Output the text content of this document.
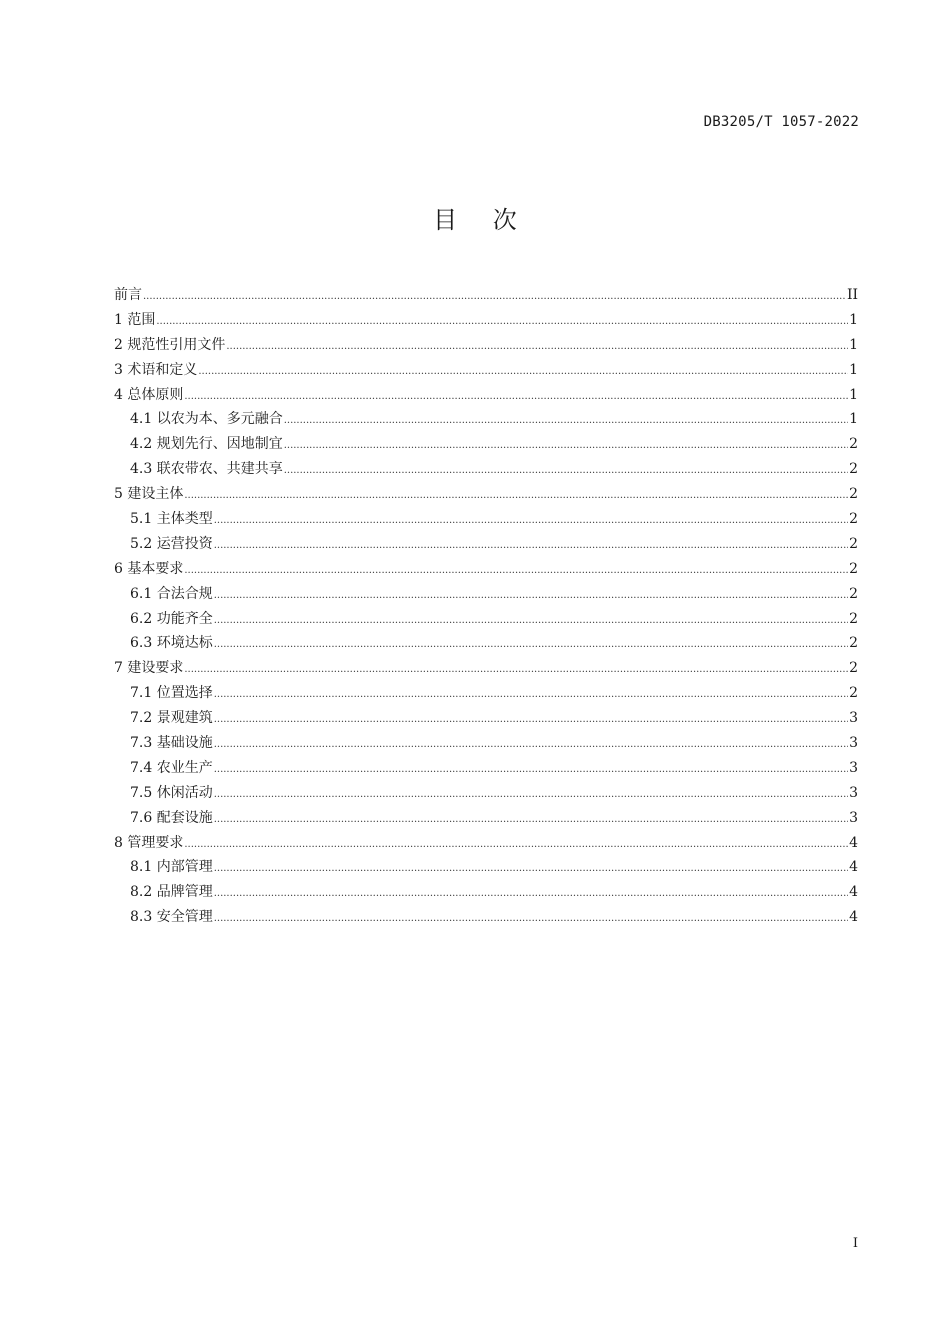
DB3205/T 1057-2022
目 次
前言 .....	II
1 范围 .....	1
2 规范性引用文件 .....	1
3 术语和定义 .....	1
4 总体原则 .....	1
4.1 以农为本、多元融合 .....	1
4.2 规划先行、因地制宜 .....	2
4.3 联农带农、共建共享 .....	2
5 建设主体 .....	2
5.1 主体类型 .....	2
5.2 运营投资 .....	2
6 基本要求 .....	2
6.1 合法合规 .....	2
6.2 功能齐全 .....	2
6.3 环境达标 .....	2
7 建设要求 .....	2
7.1 位置选择 .....	2
7.2 景观建筑 .....	3
7.3 基础设施 .....	3
7.4 农业生产 .....	3
7.5 休闲活动 .....	3
7.6 配套设施 .....	3
8 管理要求 .....	4
8.1 内部管理 .....	4
8.2 品牌管理 .....	4
8.3 安全管理 .....	4
I
